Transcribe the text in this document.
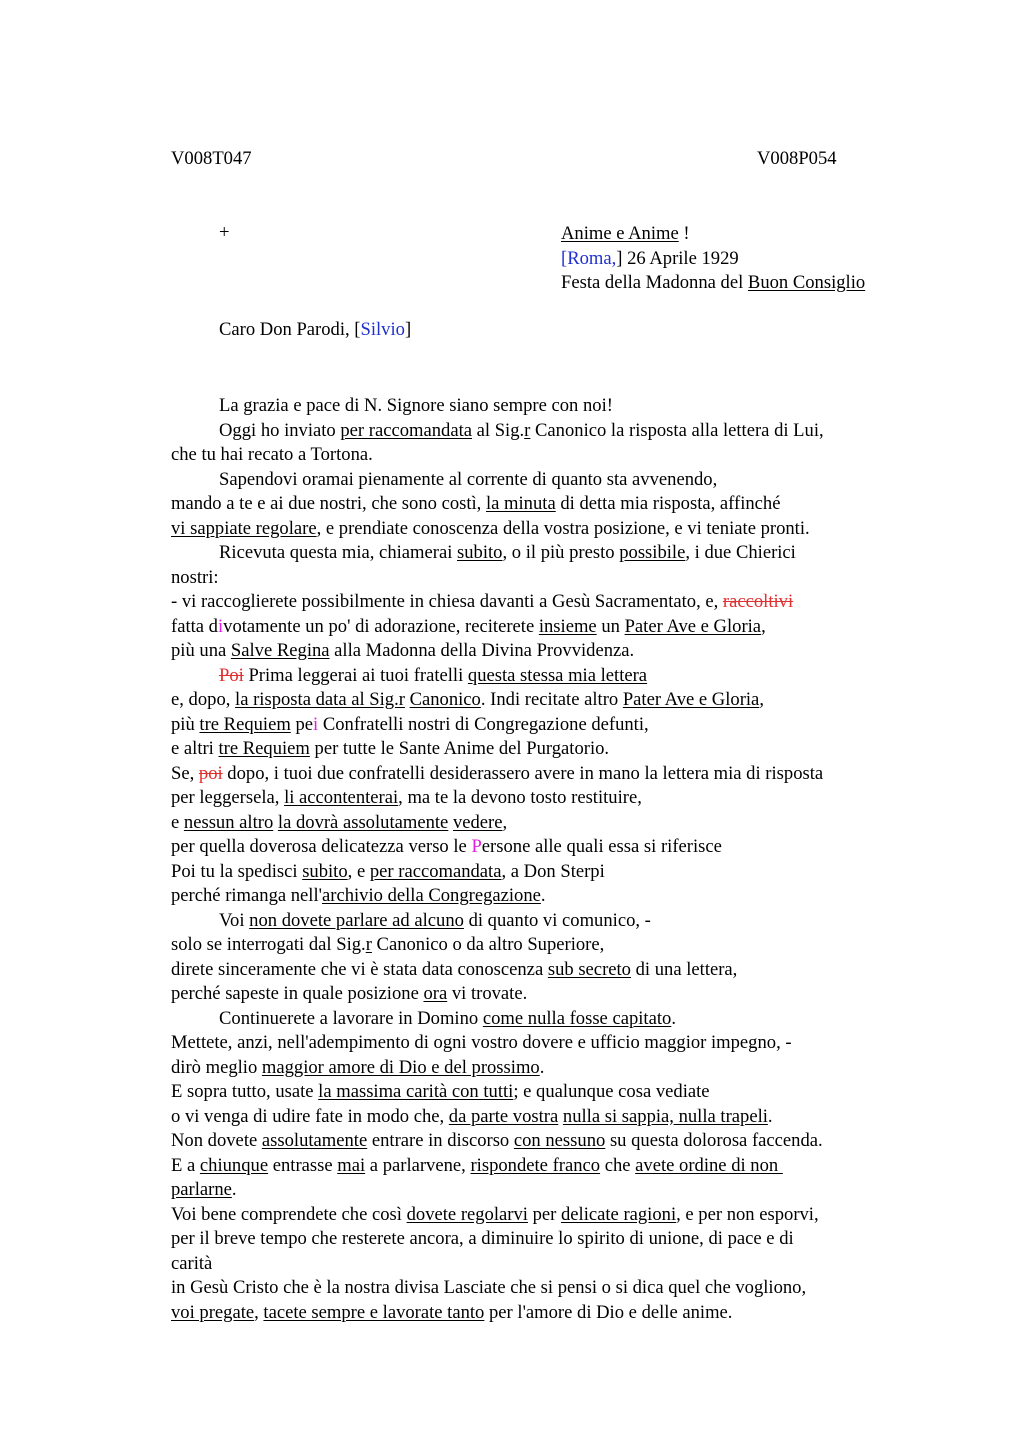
V008T047	V008P054
+	Anime e Anime !
[Roma,] 26 Aprile 1929
Festa della Madonna del Buon Consiglio
Caro Don Parodi, [Silvio]

La grazia e pace di N. Signore siano sempre con noi!

Oggi ho inviato per raccomandata al Sig.r Canonico la risposta alla lettera di Lui,

che tu hai recato a Tortona.

Sapendovi oramai pienamente al corrente di quanto sta avvenendo,

mando a te e ai due nostri, che sono costì, la minuta di detta mia risposta, affinché

vi sappiate regolare, e prendiate conoscenza della vostra posizione, e vi teniate pronti.

Ricevuta questa mia, chiamerai subito, o il più presto possibile, i due Chierici

nostri:

- vi raccoglierete possibilmente in chiesa davanti a Gesù Sacramentato, e, raccoltivi

fatta divotamente un po' di adorazione, reciterete insieme un Pater Ave e Gloria,

più una Salve Regina alla Madonna della Divina Provvidenza.

Poi Prima leggerai ai tuoi fratelli questa stessa mia lettera

e, dopo, la risposta data al Sig.r Canonico. Indi recitate altro Pater Ave e Gloria,

più tre Requiem pei Confratelli nostri di Congregazione defunti,

e altri tre Requiem per tutte le Sante Anime del Purgatorio.

Se, poi dopo, i tuoi due confratelli desiderassero avere in mano la lettera mia di risposta

per leggersela, li accontenterai, ma te la devono tosto restituire,

e nessun altro la dovrà assolutamente vedere,

per quella doverosa delicatezza verso le Persone alle quali essa si riferisce

Poi tu la spedisci subito, e per raccomandata, a Don Sterpi

perché rimanga nell'archivio della Congregazione.

Voi non dovete parlare ad alcuno di quanto vi comunico, -

solo se interrogati dal Sig.r Canonico o da altro Superiore,

direte sinceramente che vi è stata data conoscenza sub secreto di una lettera,

perché sapeste in quale posizione ora vi trovate.

Continuerete a lavorare in Domino come nulla fosse capitato.

Mettete, anzi, nell'adempimento di ogni vostro dovere e ufficio maggior impegno, -

dirò meglio maggior amore di Dio e del prossimo.

E sopra tutto, usate la massima carità con tutti; e qualunque cosa vediate

o vi venga di udire fate in modo che, da parte vostra nulla si sappia, nulla trapeli.

Non dovete assolutamente entrare in discorso con nessuno su questa dolorosa faccenda.

E a chiunque entrasse mai a parlarvene, rispondete franco che avete ordine di non

parlarne.

Voi bene comprendete che così dovete regolarvi per delicate ragioni, e per non esporvi,

per il breve tempo che resterete ancora, a diminuire lo spirito di unione, di pace e di

carità

in Gesù Cristo che è la nostra divisa Lasciate che si pensi o si dica quel che vogliono,

voi pregate, tacete sempre e lavorate tanto per l'amore di Dio e delle anime.
